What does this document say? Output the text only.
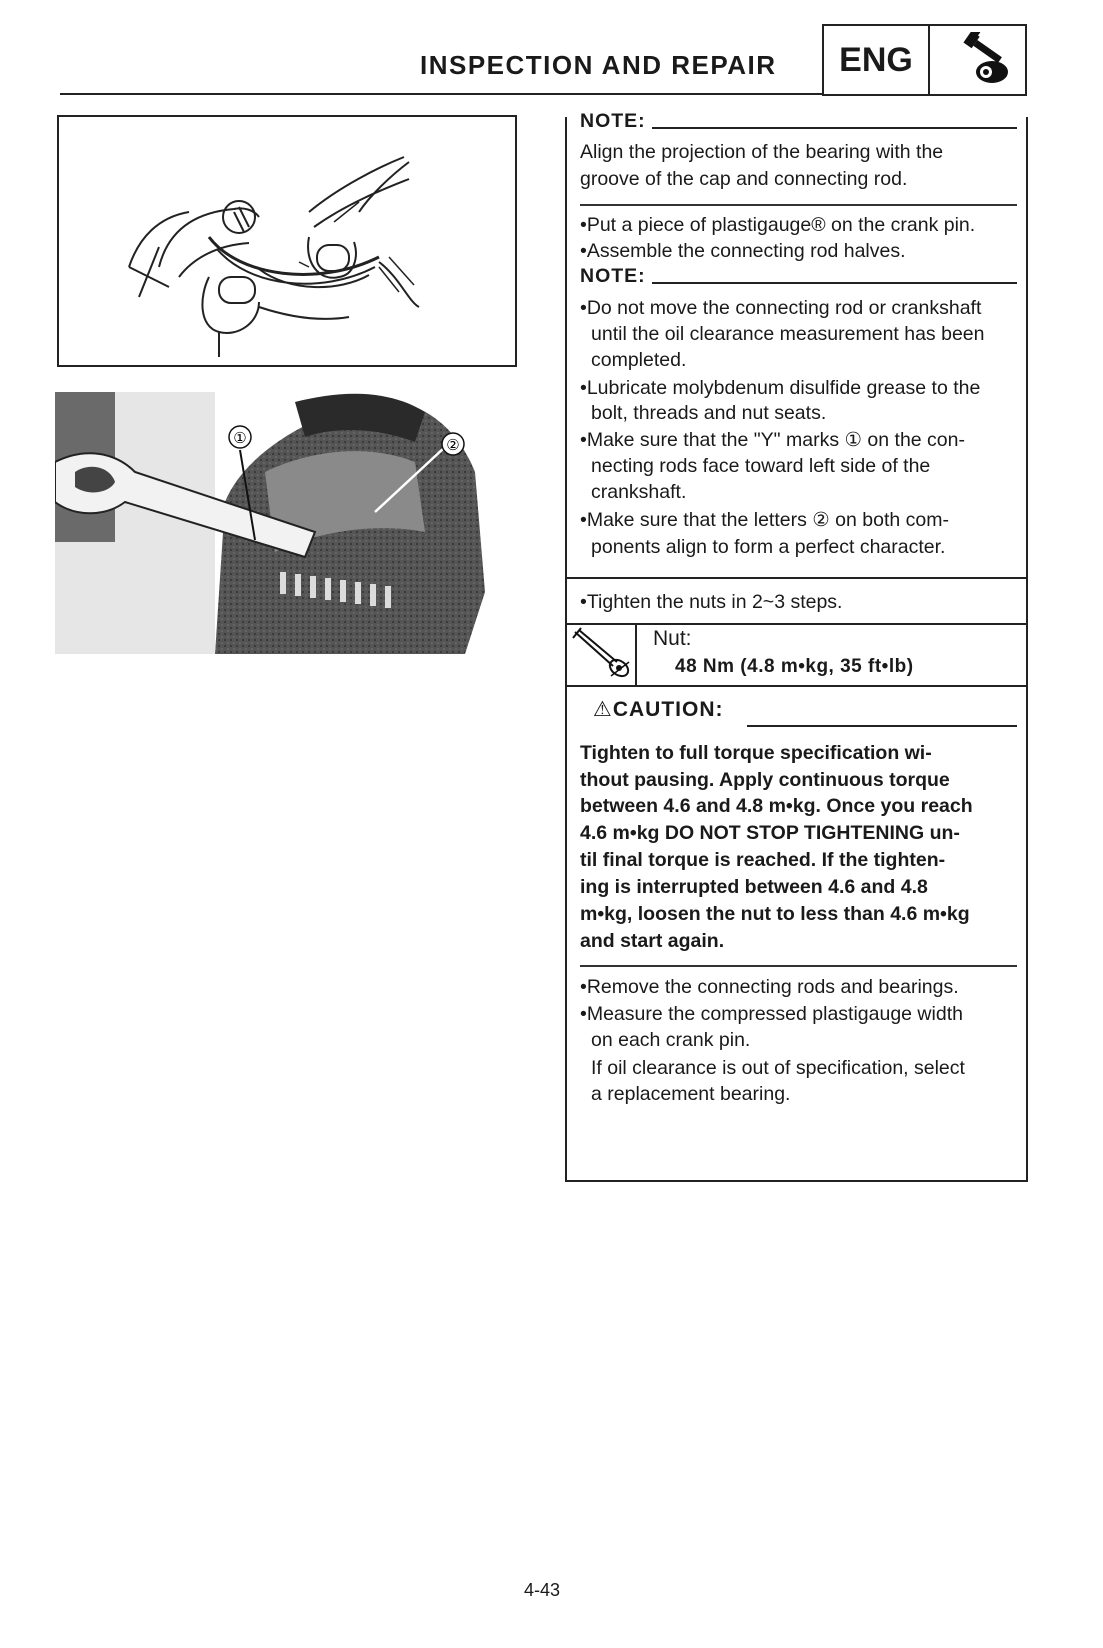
INSPECTION AND REPAIR	ENG
①	②
NOTE:
Align the projection of the bearing with the
groove of the cap and connecting rod.
•Put a piece of plastigauge® on the crank pin.
•Assemble the connecting rod halves.
NOTE:
•Do not move the connecting rod or crankshaft
until the oil clearance measurement has been
completed.
•Lubricate molybdenum disulfide grease to the
bolt, threads and nut seats.
•Make sure that the "Y" marks ① on the con-
necting rods face toward left side of the
crankshaft.
•Make sure that the letters ② on both com-
ponents align to form a perfect character.
•Tighten the nuts in 2~3 steps.
Nut:
48 Nm (4.8 m•kg, 35 ft•lb)
⚠CAUTION:
Tighten to full torque specification wi-
thout pausing. Apply continuous torque
between 4.6 and 4.8 m•kg. Once you reach
4.6 m•kg DO NOT STOP TIGHTENING un-
til final torque is reached. If the tighten-
ing is interrupted between 4.6 and 4.8
m•kg, loosen the nut to less than 4.6 m•kg
and start again.
•Remove the connecting rods and bearings.
•Measure the compressed plastigauge width
on each crank pin.
If oil clearance is out of specification, select
a replacement bearing.
4-43
